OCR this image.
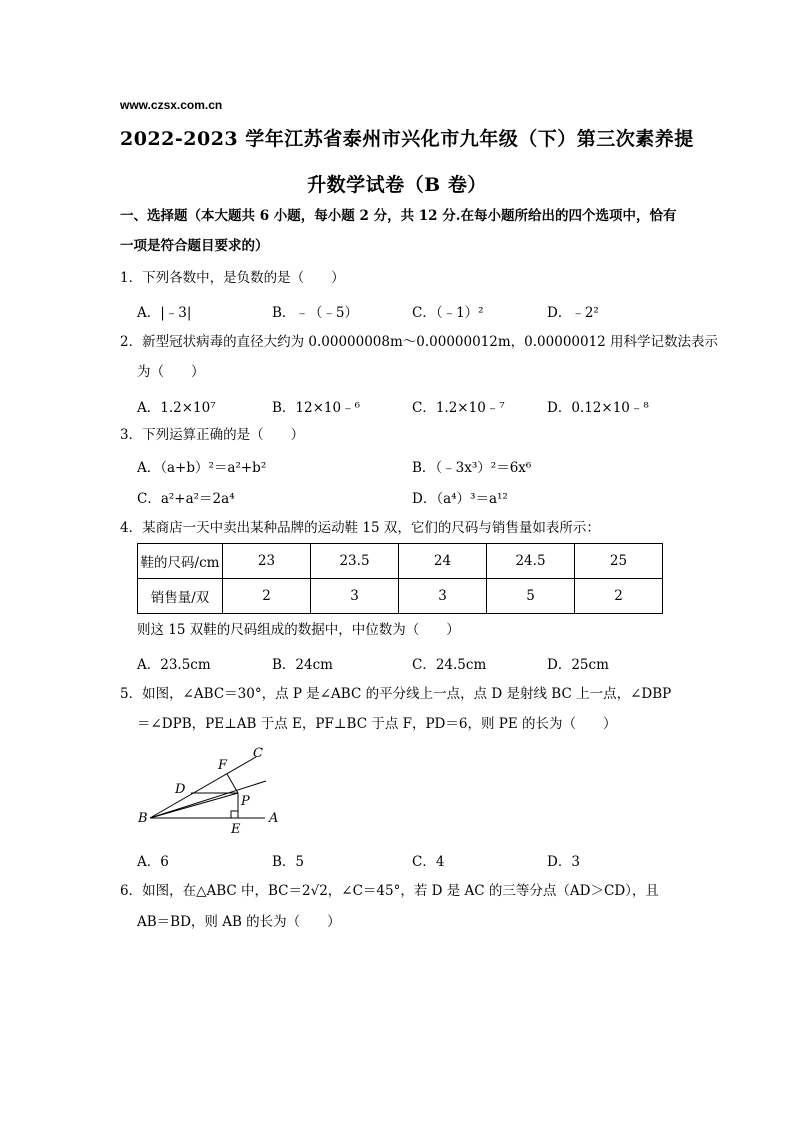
www.czsx.com.cn
2022-2023 学年江苏省泰州市兴化市九年级（下）第三次素养提
升数学试卷（B 卷）
一、选择题（本大题共 6 小题，每小题 2 分，共 12 分.在每小题所给出的四个选项中，恰有
一项是符合题目要求的）
1．下列各数中，是负数的是（　　）
A．|﹣3|	B．﹣（﹣5）	C．（﹣1）²	D．﹣2²
2．新型冠状病毒的直径大约为 0.00000008m～0.00000012m，0.00000012 用科学记数法表示
为（　　）
A．1.2×10⁷	B．12×10﹣⁶	C．1.2×10﹣⁷	D．0.12×10﹣⁸
3．下列运算正确的是（　　）
A．（a+b）²＝a²+b²	B．（﹣3x³）²＝6x⁶
C．a²+a²＝2a⁴	D．（a⁴）³＝a¹²
4．某商店一天中卖出某种品牌的运动鞋 15 双，它们的尺码与销售量如表所示：
鞋的尺码/cm	23	23.5	24	24.5	25
销售量/双	2	3	3	5	2
则这 15 双鞋的尺码组成的数据中，中位数为（　　）
A．23.5cm	B．24cm	C．24.5cm	D．25cm
5．如图，∠ABC＝30°，点 P 是∠ABC 的平分线上一点，点 D 是射线 BC 上一点，∠DBP
＝∠DPB，PE⊥AB 于点 E，PF⊥BC 于点 F，PD＝6，则 PE 的长为（　　）
C
F
D
P
B
E
A
A．6	B．5	C．4	D．3
6．如图，在△ABC 中，BC＝2√2，∠C＝45°，若 D 是 AC 的三等分点（AD＞CD），且
AB＝BD，则 AB 的长为（　　）
